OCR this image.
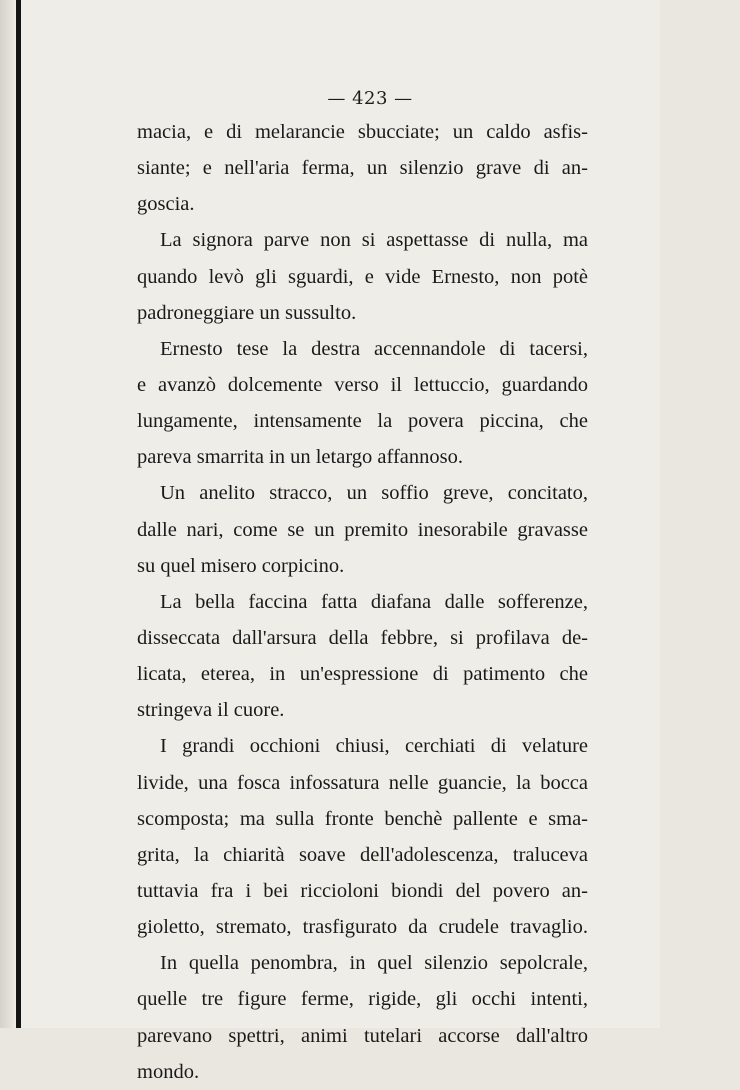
— 423 —
macia, e di melarancie sbucciate; un caldo asfis-
siante; e nell'aria ferma, un silenzio grave di an-
goscia.
La signora parve non si aspettasse di nulla, ma
quando levò gli sguardi, e vide Ernesto, non potè
padroneggiare un sussulto.
Ernesto tese la destra accennandole di tacersi,
e avanzò dolcemente verso il lettuccio, guardando
lungamente, intensamente la povera piccina, che
pareva smarrita in un letargo affannoso.
Un anelito stracco, un soffio greve, concitato,
dalle nari, come se un premito inesorabile gravasse
su quel misero corpicino.
La bella faccina fatta diafana dalle sofferenze,
disseccata dall'arsura della febbre, si profilava de-
licata, eterea, in un'espressione di patimento che
stringeva il cuore.
I grandi occhioni chiusi, cerchiati di velature
livide, una fosca infossatura nelle guancie, la bocca
scomposta; ma sulla fronte benchè pallente e sma-
grita, la chiarità soave dell'adolescenza, traluceva
tuttavia fra i bei riccioloni biondi del povero an-
gioletto, stremato, trasfigurato da crudele travaglio.
In quella penombra, in quel silenzio sepolcrale,
quelle tre figure ferme, rigide, gli occhi intenti,
parevano spettri, animi tutelari accorse dall'altro
mondo.
